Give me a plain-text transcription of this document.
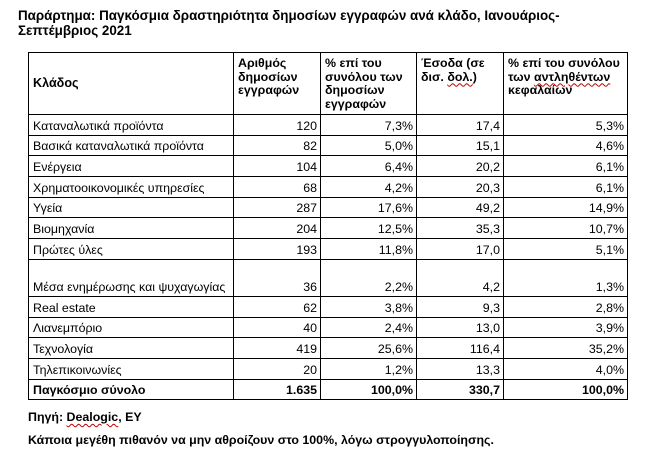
Παράρτημα: Παγκόσμια δραστηριότητα δημοσίων εγγραφών ανά κλάδο, Ιανουάριος-Σεπτέμβριος 2021
Κλάδος	Αριθμός δημοσίων εγγραφών	% επί του συνόλου των δημοσίων εγγραφών	Έσοδα (σε δισ. δολ.)	% επί του συνόλου των αντληθέντων κεφαλαίων
Καταναλωτικά προϊόντα	120	7,3%	17,4	5,3%
Βασικά καταναλωτικά προϊόντα	82	5,0%	15,1	4,6%
Ενέργεια	104	6,4%	20,2	6,1%
Χρηματοοικονομικές υπηρεσίες	68	4,2%	20,3	6,1%
Υγεία	287	17,6%	49,2	14,9%
Βιομηχανία	204	12,5%	35,3	10,7%
Πρώτες ύλες	193	11,8%	17,0	5,1%
Μέσα ενημέρωσης και ψυχαγωγίας	36	2,2%	4,2	1,3%
Real estate	62	3,8%	9,3	2,8%
Λιανεμπόριο	40	2,4%	13,0	3,9%
Τεχνολογία	419	25,6%	116,4	35,2%
Τηλεπικοινωνίες	20	1,2%	13,3	4,0%
Παγκόσμιο σύνολο	1.635	100,0%	330,7	100,0%
Πηγή: Dealogic, EY
Κάποια μεγέθη πιθανόν να μην αθροίζουν στο 100%, λόγω στρογγυλοποίησης.
